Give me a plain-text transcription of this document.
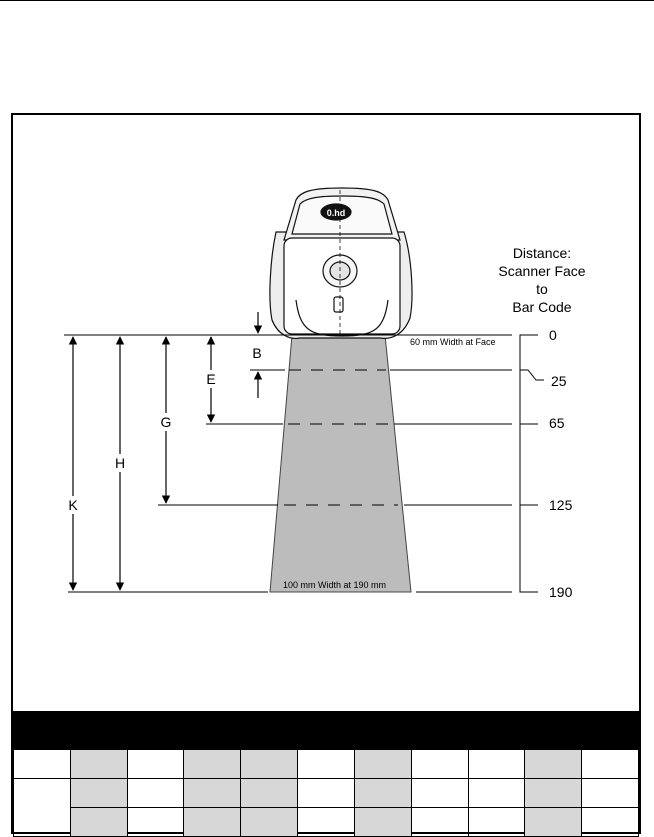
0.hd
Distance:
Scanner Face
to
Bar Code
0
25
65
125
190
60 mm Width at Face
100 mm Width at 190 mm
K
H
G
E
B
